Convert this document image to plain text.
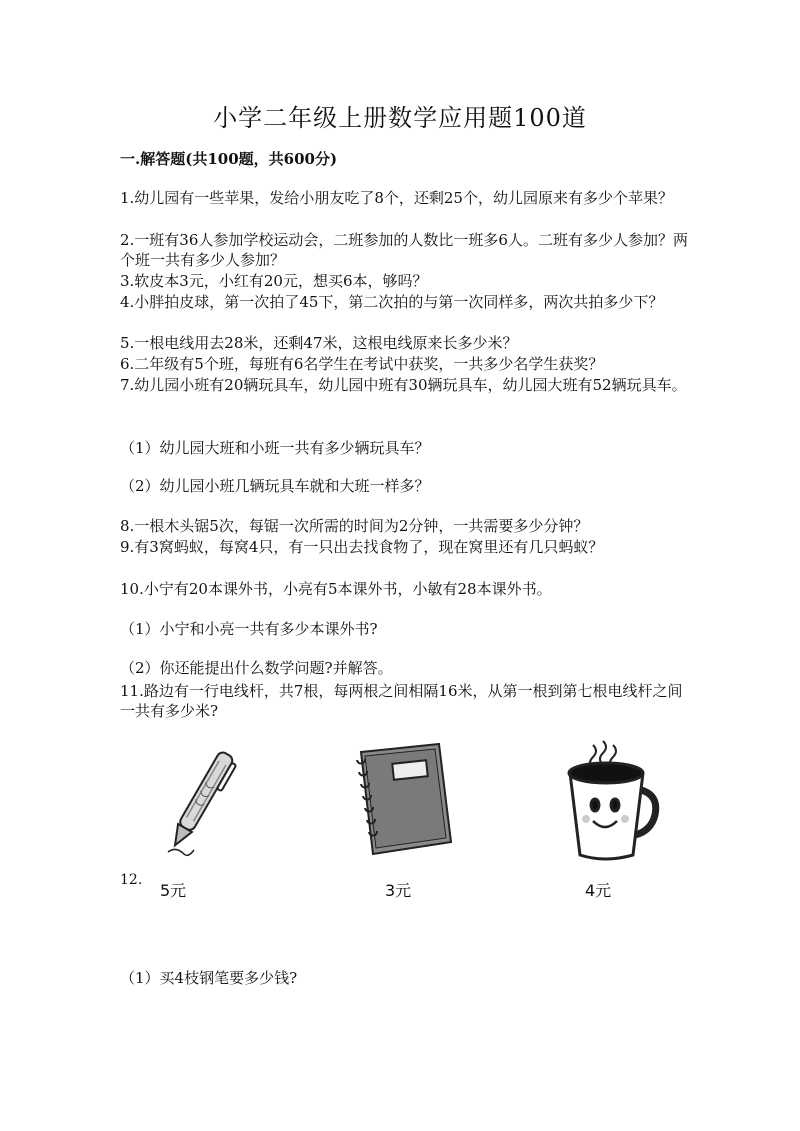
小学二年级上册数学应用题100道
一.解答题(共100题，共600分)
1.幼儿园有一些苹果，发给小朋友吃了8个，还剩25个，幼儿园原来有多少个苹果？
2.一班有36人参加学校运动会，二班参加的人数比一班多6人。二班有多少人参加？两个班一共有多少人参加？
3.软皮本3元，小红有20元，想买6本，够吗？
4.小胖拍皮球，第一次拍了45下，第二次拍的与第一次同样多，两次共拍多少下？
5.一根电线用去28米，还剩47米，这根电线原来长多少米？
6.二年级有5个班，每班有6名学生在考试中获奖，一共多少名学生获奖？
7.幼儿园小班有20辆玩具车，幼儿园中班有30辆玩具车，幼儿园大班有52辆玩具车。
（1）幼儿园大班和小班一共有多少辆玩具车？
（2）幼儿园小班几辆玩具车就和大班一样多？
8.一根木头锯5次，每锯一次所需的时间为2分钟，一共需要多少分钟？
9.有3窝蚂蚁，每窝4只，有一只出去找食物了，现在窝里还有几只蚂蚁？
10.小宁有20本课外书，小亮有5本课外书，小敏有28本课外书。
（1）小宁和小亮一共有多少本课外书?
（2）你还能提出什么数学问题?并解答。
11.路边有一行电线杆，共7根，每两根之间相隔16米，从第一根到第七根电线杆之间一共有多少米?
12.
5元	3元	4元
（1）买4枝钢笔要多少钱?
